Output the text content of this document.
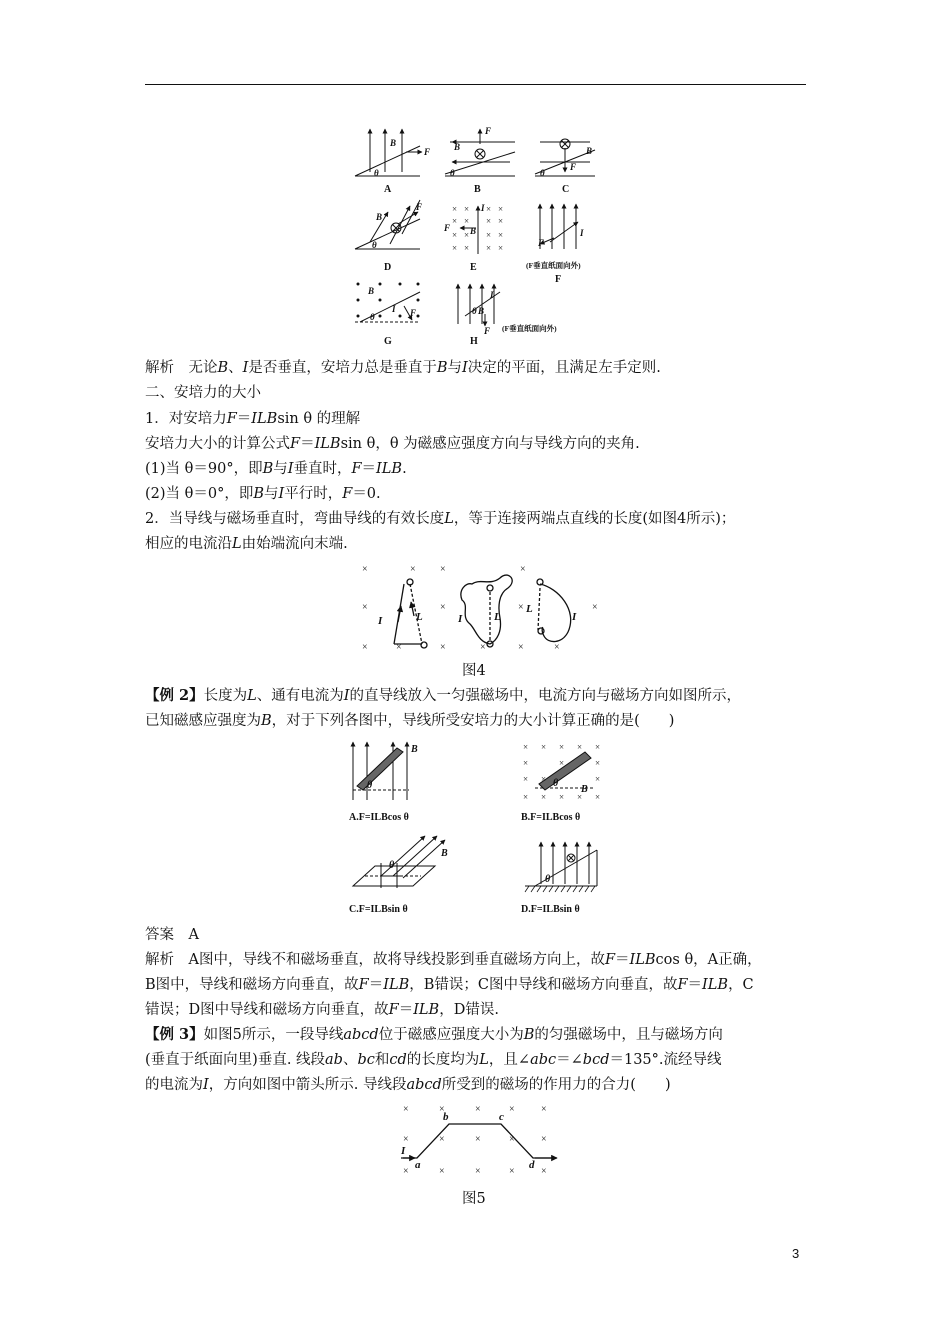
× × × ×
× × × ×
× × × ×
× × × ×
B
F
θ
F
B
θ
B
F
θ
B
F
θ
I
F B	I
F
B
I F
θ
I
θ B
F
A	B	C
D	E
F
G	H
(F垂直纸面向外)
(F垂直纸面向外)
解析　无论B、I是否垂直，安培力总是垂直于B与I决定的平面，且满足左手定则.
二、安培力的大小
1．对安培力F＝ILBsin θ 的理解
安培力大小的计算公式F＝ILBsin θ，θ 为磁感应强度方向与导线方向的夹角.
(1)当 θ＝90°，即B与I垂直时，F＝ILB.
(2)当 θ＝0°，即B与I平行时，F＝0.
2．当导线与磁场垂直时，弯曲导线的有效长度L，等于连接两端点直线的长度(如图4所示)；
相应的电流沿L由始端流向末端.
×	× ×	×
×	×	×	×
×	×	×	×	×	×
I	L	I	L
L
I
图4
【例 2】长度为L、通有电流为I的直导线放入一匀强磁场中，电流方向与磁场方向如图所示，
已知磁感应强度为B，对于下列各图中，导线所受安培力的大小计算正确的是(　　)
× × × × ×
×	×	×
× ×	×
× × × × ×
B
θ	θ
B
B
θ
θ
A.F=ILBcos θ	B.F=ILBcos θ
C.F=ILBsin θ	D.F=ILBsin θ
答案　 A
解析　A图中，导线不和磁场垂直，故将导线投影到垂直磁场方向上，故F＝ILBcos θ，A正确，
B图中，导线和磁场方向垂直，故F＝ILB，B错误；C图中导线和磁场方向垂直，故F＝ILB，C
错误；D图中导线和磁场方向垂直，故F＝ILB，D错误.
【例 3】如图5所示，一段导线abcd位于磁感应强度大小为B的匀强磁场中，且与磁场方向
(垂直于纸面向里)垂直. 线段ab、bc和cd的长度均为L，且∠abc＝∠bcd＝135°.流经导线
的电流为I，方向如图中箭头所示. 导线段abcd所受到的磁场的作用力的合力(　　)
×	×	×	×	×
×	×	×	×	×
×	×	×	×	×
I
a
b	c
d
图5
3
